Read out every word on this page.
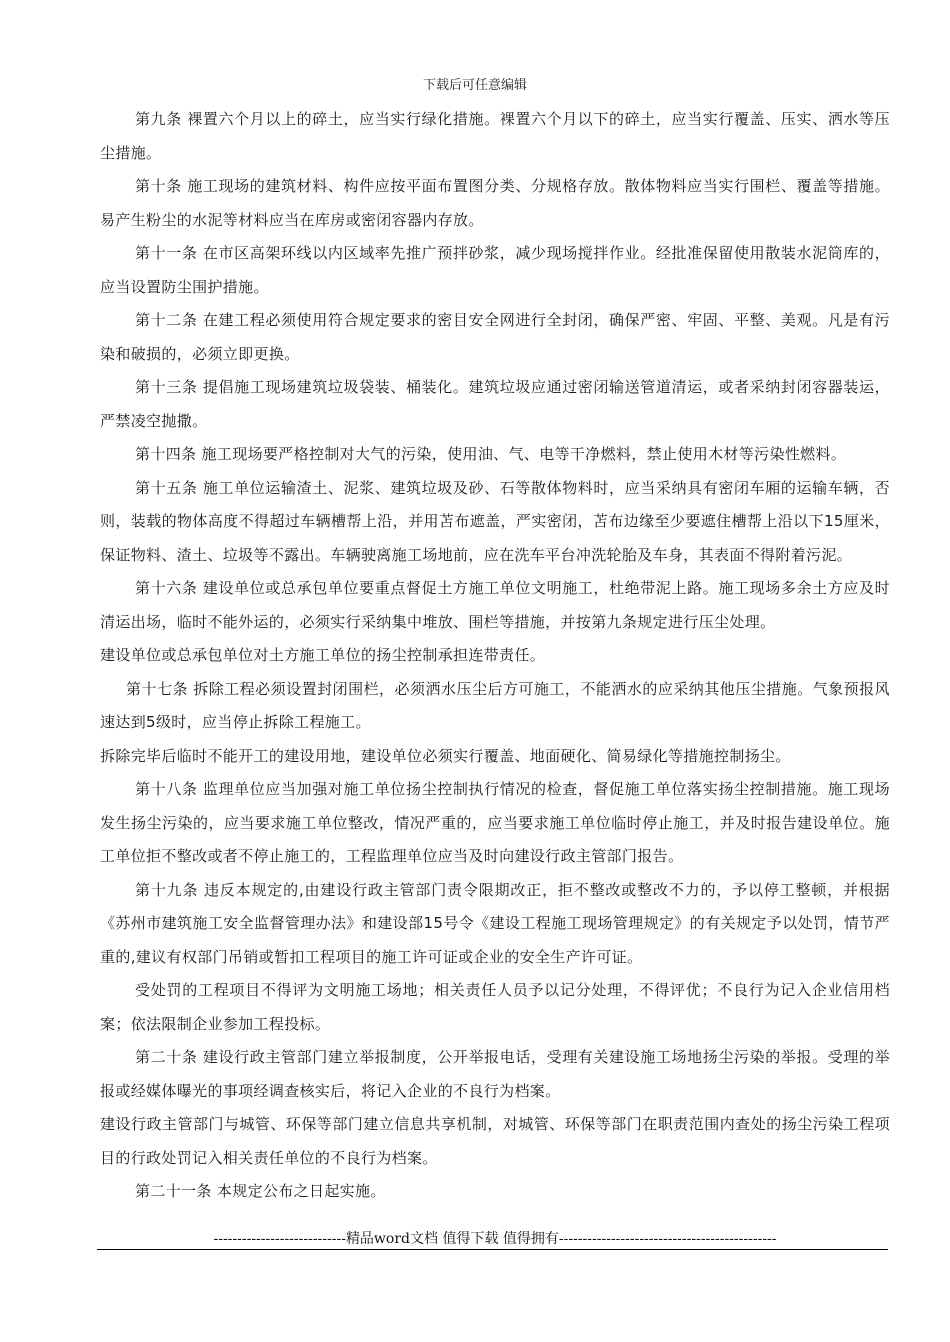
下载后可任意编辑

第九条 裸置六个月以上的碎土，应当实行绿化措施。裸置六个月以下的碎土，应当实行覆盖、压实、洒水等压尘措施。

第十条 施工现场的建筑材料、构件应按平面布置图分类、分规格存放。散体物料应当实行围栏、覆盖等措施。易产生粉尘的水泥等材料应当在库房或密闭容器内存放。

第十一条 在市区高架环线以内区域率先推广预拌砂浆，减少现场搅拌作业。经批准保留使用散装水泥筒库的，应当设置防尘围护措施。

第十二条 在建工程必须使用符合规定要求的密目安全网进行全封闭，确保严密、牢固、平整、美观。凡是有污染和破损的，必须立即更换。

第十三条 提倡施工现场建筑垃圾袋装、桶装化。建筑垃圾应通过密闭输送管道清运，或者采纳封闭容器装运，严禁凌空抛撒。

第十四条 施工现场要严格控制对大气的污染，使用油、气、电等干净燃料，禁止使用木材等污染性燃料。

第十五条 施工单位运输渣土、泥浆、建筑垃圾及砂、石等散体物料时，应当采纳具有密闭车厢的运输车辆，否则，装载的物体高度不得超过车辆槽帮上沿，并用苫布遮盖，严实密闭，苫布边缘至少要遮住槽帮上沿以下15厘米，保证物料、渣土、垃圾等不露出。车辆驶离施工场地前，应在洗车平台冲洗轮胎及车身，其表面不得附着污泥。

第十六条 建设单位或总承包单位要重点督促土方施工单位文明施工，杜绝带泥上路。施工现场多余土方应及时清运出场，临时不能外运的，必须实行采纳集中堆放、围栏等措施，并按第九条规定进行压尘处理。

建设单位或总承包单位对土方施工单位的扬尘控制承担连带责任。

第十七条 拆除工程必须设置封闭围栏，必须洒水压尘后方可施工，不能洒水的应采纳其他压尘措施。气象预报风速达到5级时，应当停止拆除工程施工。

拆除完毕后临时不能开工的建设用地，建设单位必须实行覆盖、地面硬化、简易绿化等措施控制扬尘。

第十八条 监理单位应当加强对施工单位扬尘控制执行情况的检查，督促施工单位落实扬尘控制措施。施工现场发生扬尘污染的，应当要求施工单位整改，情况严重的，应当要求施工单位临时停止施工，并及时报告建设单位。施工单位拒不整改或者不停止施工的，工程监理单位应当及时向建设行政主管部门报告。

第十九条 违反本规定的,由建设行政主管部门责令限期改正，拒不整改或整改不力的，予以停工整顿，并根据《苏州市建筑施工安全监督管理办法》和建设部15号令《建设工程施工现场管理规定》的有关规定予以处罚，情节严重的,建议有权部门吊销或暂扣工程项目的施工许可证或企业的安全生产许可证。

受处罚的工程项目不得评为文明施工场地；相关责任人员予以记分处理，不得评优；不良行为记入企业信用档案；依法限制企业参加工程投标。

第二十条 建设行政主管部门建立举报制度，公开举报电话，受理有关建设施工场地扬尘污染的举报。受理的举报或经媒体曝光的事项经调查核实后，将记入企业的不良行为档案。

建设行政主管部门与城管、环保等部门建立信息共享机制，对城管、环保等部门在职责范围内查处的扬尘污染工程项目的行政处罚记入相关责任单位的不良行为档案。

第二十一条 本规定公布之日起实施。

----------------------------精品word文档 值得下载 值得拥有----------------------------------------------
